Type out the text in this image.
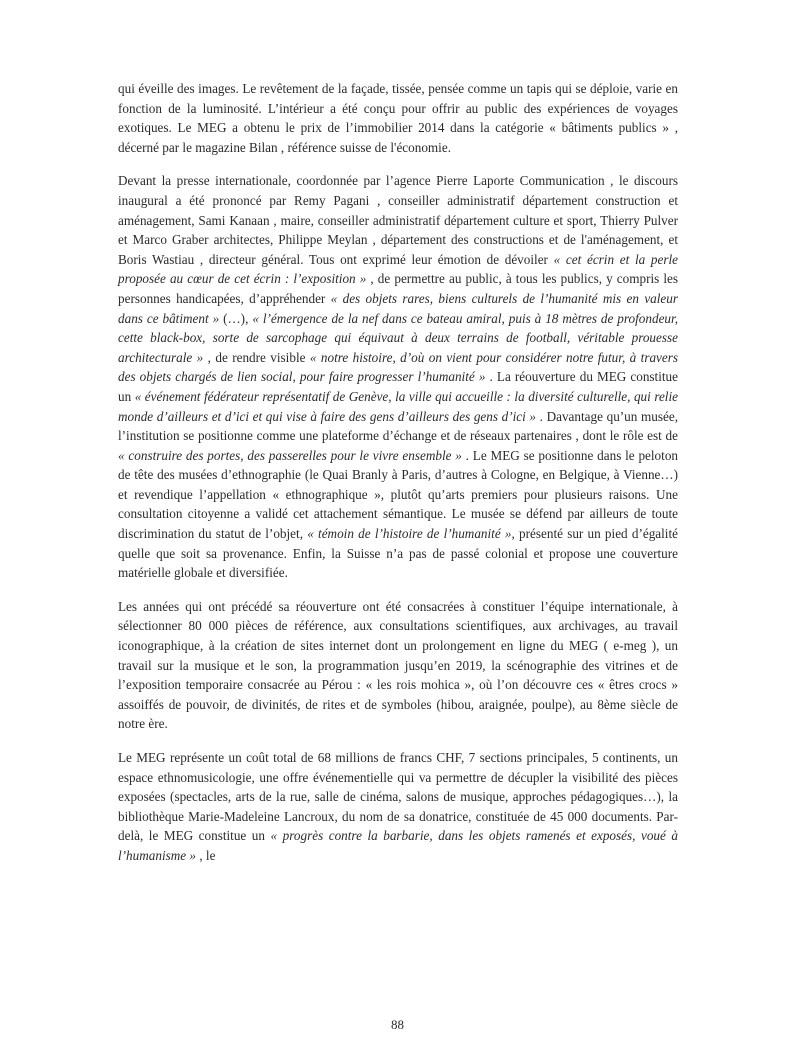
qui éveille des images. Le revêtement de la façade, tissée, pensée comme un tapis qui se déploie, varie en fonction de la luminosité. L’intérieur a été conçu pour offrir au public des expériences de voyages exotiques. Le MEG a obtenu le prix de l’immobilier 2014 dans la catégorie « bâtiments publics » , décerné par le magazine Bilan , référence suisse de l'économie.

Devant la presse internationale, coordonnée par l’agence Pierre Laporte Communication , le discours inaugural a été prononcé par Remy Pagani , conseiller administratif département construction et aménagement, Sami Kanaan , maire, conseiller administratif département culture et sport, Thierry Pulver et Marco Graber architectes, Philippe Meylan , département des constructions et de l'aménagement, et Boris Wastiau , directeur général. Tous ont exprimé leur émotion de dévoiler « cet écrin et la perle proposée au cœur de cet écrin : l’exposition » , de permettre au public, à tous les publics, y compris les personnes handicapées, d’appréhender « des objets rares, biens culturels de l’humanité mis en valeur dans ce bâtiment » (…), « l’émergence de la nef dans ce bateau amiral, puis à 18 mètres de profondeur, cette black-box, sorte de sarcophage qui équivaut à deux terrains de football, véritable prouesse architecturale » , de rendre visible « notre histoire, d’où on vient pour considérer notre futur, à travers des objets chargés de lien social, pour faire progresser l’humanité » . La réouverture du MEG constitue un « événement fédérateur représentatif de Genève, la ville qui accueille : la diversité culturelle, qui relie monde d’ailleurs et d’ici et qui vise à faire des gens d’ailleurs des gens d’ici » . Davantage qu’un musée, l’institution se positionne comme une plateforme d’échange et de réseaux partenaires , dont le rôle est de « construire des portes, des passerelles pour le vivre ensemble » . Le MEG se positionne dans le peloton de tête des musées d’ethnographie (le Quai Branly à Paris, d’autres à Cologne, en Belgique, à Vienne…) et revendique l’appellation « ethnographique », plutôt qu’arts premiers pour plusieurs raisons. Une consultation citoyenne a validé cet attachement sémantique. Le musée se défend par ailleurs de toute discrimination du statut de l’objet, « témoin de l’histoire de l’humanité », présenté sur un pied d’égalité quelle que soit sa provenance. Enfin, la Suisse n’a pas de passé colonial et propose une couverture matérielle globale et diversifiée.

Les années qui ont précédé sa réouverture ont été consacrées à constituer l’équipe internationale, à sélectionner 80 000 pièces de référence, aux consultations scientifiques, aux archivages, au travail iconographique, à la création de sites internet dont un prolongement en ligne du MEG ( e-meg ), un travail sur la musique et le son, la programmation jusqu’en 2019, la scénographie des vitrines et de l’exposition temporaire consacrée au Pérou : « les rois mohica », où l’on découvre ces « êtres crocs » assoiffés de pouvoir, de divinités, de rites et de symboles (hibou, araignée, poulpe), au 8ème siècle de notre ère.

Le MEG représente un coût total de 68 millions de francs CHF, 7 sections principales, 5 continents, un espace ethnomusicologie, une offre événementielle qui va permettre de décupler la visibilité des pièces exposées (spectacles, arts de la rue, salle de cinéma, salons de musique, approches pédagogiques…), la bibliothèque Marie-Madeleine Lancroux, du nom de sa donatrice, constituée de 45 000 documents. Par-delà, le MEG constitue un « progrès contre la barbarie, dans les objets ramenés et exposés, voué à l’humanisme » , le

88
